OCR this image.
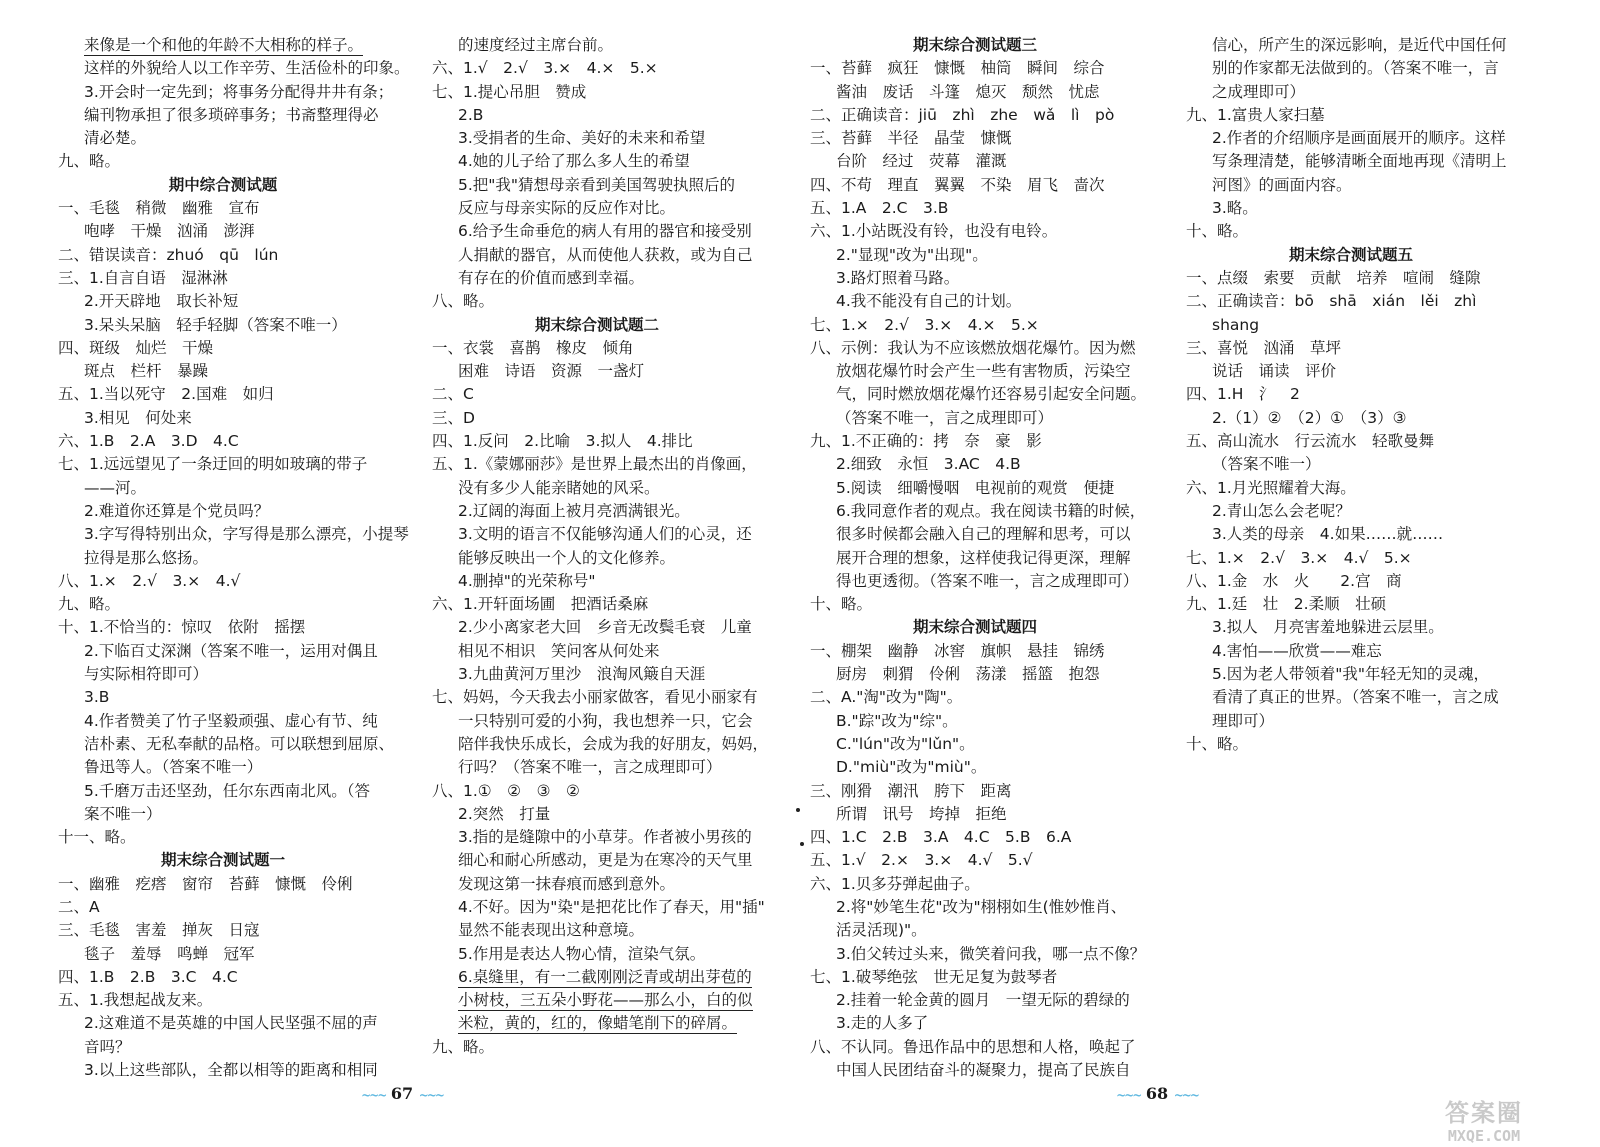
来像是一个和他的年龄不大相称的样子。
这样的外貌给人以工作辛劳、生活俭朴的印象。
3.开会时一定先到；将事务分配得井井有条；
编刊物承担了很多琐碎事务；书斋整理得必
清必楚。
九、略。
期中综合测试题
一、毛毯　稍微　幽雅　宣布
咆哮　干燥　汹涌　澎湃
二、错误读音：zhuó　qū　lún
三、1.自言自语　湿淋淋
2.开天辟地　取长补短
3.呆头呆脑　轻手轻脚（答案不唯一）
四、斑级　灿烂　干燥
斑点　栏杆　暴躁
五、1.当以死守　2.国难　如归
3.相见　何处来
六、1.B　2.A　3.D　4.C
七、1.远远望见了一条迂回的明如玻璃的带子
——河。
2.难道你还算是个党员吗？
3.字写得特别出众，字写得是那么漂亮，小提琴
拉得是那么悠扬。
八、1.×　2.√　3.×　4.√
九、略。
十、1.不恰当的：惊叹　依附　摇摆
2.下临百丈深渊（答案不唯一，运用对偶且
与实际相符即可）
3.B
4.作者赞美了竹子坚毅顽强、虚心有节、纯
洁朴素、无私奉献的品格。可以联想到屈原、
鲁迅等人。（答案不唯一）
5.千磨万击还坚劲，任尔东西南北风。（答
案不唯一）
十一、略。
期末综合测试题一
一、幽雅　疙瘩　窗帘　苔藓　慷慨　伶俐
二、A
三、毛毯　害羞　掸灰　日寇
毯子　羞辱　鸣蝉　冠军
四、1.B　2.B　3.C　4.C
五、1.我想起战友来。
2.这难道不是英雄的中国人民坚强不屈的声
音吗？
3.以上这些部队，全都以相等的距离和相同
的速度经过主席台前。
六、1.√　2.√　3.×　4.×　5.×
七、1.提心吊胆　赞成
2.B
3.受捐者的生命、美好的未来和希望
4.她的儿子给了那么多人生的希望
5.把"我"猜想母亲看到美国驾驶执照后的
反应与母亲实际的反应作对比。
6.给予生命垂危的病人有用的器官和接受别
人捐献的器官，从而使他人获救，或为自己
有存在的价值而感到幸福。
八、略。
期末综合测试题二
一、衣裳　喜鹊　橡皮　倾角
困难　诗语　资源　一盏灯
二、C
三、D
四、1.反问　2.比喻　3.拟人　4.排比
五、1.《蒙娜丽莎》是世界上最杰出的肖像画，
没有多少人能亲睹她的风采。
2.辽阔的海面上被月亮洒满银光。
3.文明的语言不仅能够沟通人们的心灵，还
能够反映出一个人的文化修养。
4.删掉"的光荣称号"
六、1.开轩面场圃　把酒话桑麻
2.少小离家老大回　乡音无改鬓毛衰　儿童
相见不相识　笑问客从何处来
3.九曲黄河万里沙　浪淘风簸自天涯
七、妈妈，今天我去小丽家做客，看见小丽家有
一只特别可爱的小狗，我也想养一只，它会
陪伴我快乐成长，会成为我的好朋友，妈妈，
行吗？（答案不唯一，言之成理即可）
八、1.①　②　③　②
2.突然　打量
3.指的是缝隙中的小草芽。作者被小男孩的
细心和耐心所感动，更是为在寒冷的天气里
发现这第一抹春痕而感到意外。
4.不好。因为"染"是把花比作了春天，用"插"
显然不能表现出这种意境。
5.作用是表达人物心情，渲染气氛。
6.桌缝里，有一二截刚刚泛青或胡出芽苞的
小树枝，三五朵小野花——那么小，白的似
米粒，黄的，红的，像蜡笔削下的碎屑。
九、略。
期末综合测试题三
一、苔藓　疯狂　慷慨　柚筒　瞬间　综合
酱油　废话　斗篷　熄灭　颓然　忧虑
二、正确读音：jiū　zhì　zhe　wǎ　lì　pò
三、苔藓　半径　晶莹　慷慨
台阶　经过　荧幕　灌溉
四、不苟　理直　翼翼　不染　眉飞　啬次
五、1.A　2.C　3.B
六、1.小站既没有铃，也没有电铃。
2."显现"改为"出现"。
3.路灯照着马路。
4.我不能没有自己的计划。
七、1.×　2.√　3.×　4.×　5.×
八、示例：我认为不应该燃放烟花爆竹。因为燃
放烟花爆竹时会产生一些有害物质，污染空
气，同时燃放烟花爆竹还容易引起安全问题。
（答案不唯一，言之成理即可）
九、1.不正确的：拷　奈　豪　影
2.细致　永恒　3.AC　4.B
5.阅读　细嚼慢咽　电视前的观赏　便捷
6.我同意作者的观点。我在阅读书籍的时候，
很多时候都会融入自己的理解和思考，可以
展开合理的想象，这样使我记得更深，理解
得也更透彻。（答案不唯一，言之成理即可）
十、略。
期末综合测试题四
一、棚架　幽静　冰窖　旗帜　悬挂　锦绣
厨房　刺猬　伶俐　荡漾　摇篮　抱怨
二、A."淘"改为"陶"。
B."踪"改为"综"。
C."lún"改为"lǔn"。
D."miù"改为"miù"。
三、刚猾　潮汛　胯下　距离
所谓　讯号　垮掉　拒绝
四、1.C　2.B　3.A　4.C　5.B　6.A
五、1.√　2.×　3.×　4.√　5.√
六、1.贝多芬弹起曲子。
2.将"妙笔生花"改为"栩栩如生(惟妙惟肖、
活灵活现)"。
3.伯父转过头来，微笑着问我，哪一点不像？
七、1.破琴绝弦　世无足复为鼓琴者
2.挂着一轮金黄的圆月　一望无际的碧绿的
3.走的人多了
八、不认同。鲁迅作品中的思想和人格，唤起了
中国人民团结奋斗的凝聚力，提高了民族自
信心，所产生的深远影响，是近代中国任何
别的作家都无法做到的。（答案不唯一，言
之成理即可）
九、1.富贵人家扫墓
2.作者的介绍顺序是画面展开的顺序。这样
写条理清楚，能够清晰全面地再现《清明上
河图》的画面内容。
3.略。
十、略。
期末综合测试题五
一、点缀　索要　贡献　培养　喧闹　缝隙
二、正确读音：bō　shā　xián　lěi　zhì
shang
三、喜悦　汹涌　草坪
说话　诵读　评价
四、1.H　氵　2
2.（1）②　（2）①　（3）③
五、高山流水　行云流水　轻歌曼舞
（答案不唯一）
六、1.月光照耀着大海。
2.青山怎么会老呢？
3.人类的母亲　4.如果……就……
七、1.×　2.√　3.×　4.√　5.×
八、1.金　水　火　　2.宫　商
九、1.廷　壮　2.柔顺　壮硕
3.拟人　月亮害羞地躲进云层里。
4.害怕——欣赏——难忘
5.因为老人带领着"我"年轻无知的灵魂，
看清了真正的世界。（答案不唯一，言之成
理即可）
十、略。
~~~ 67 ~~~	~~~ 68 ~~~
答案圈
MXQE.COM
